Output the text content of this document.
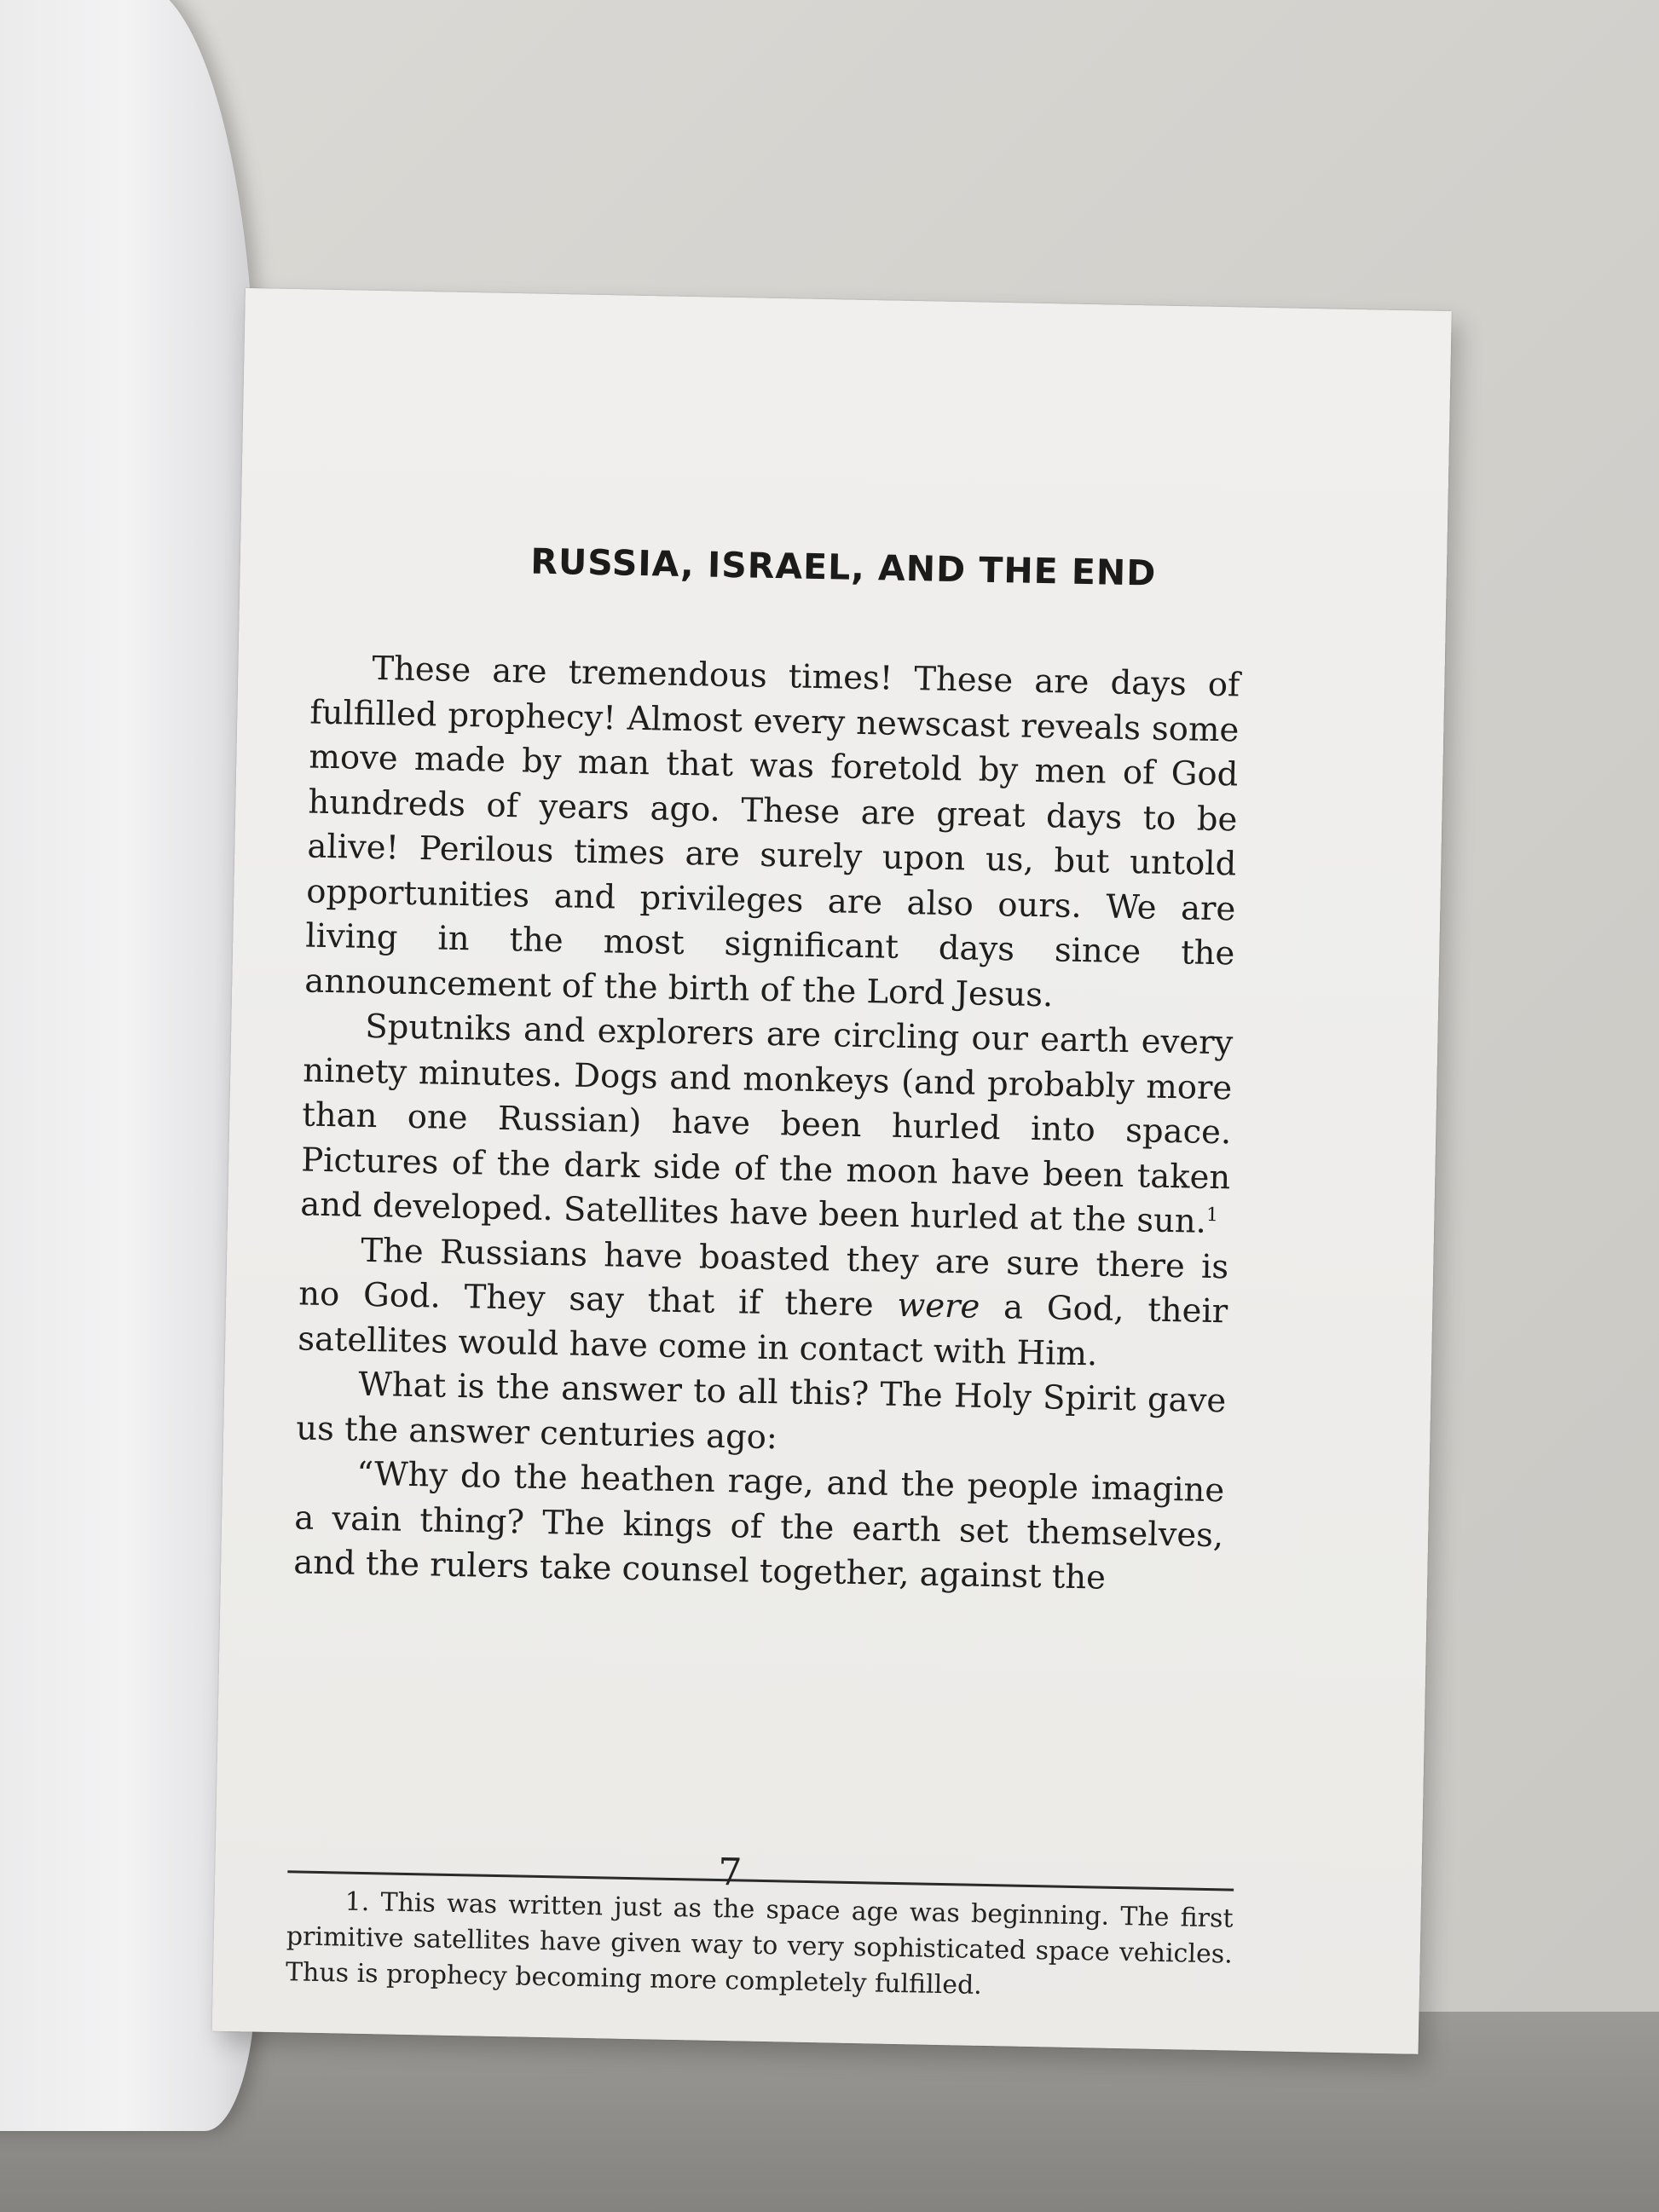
RUSSIA, ISRAEL, AND THE END

These are tremendous times! These are days of fulfilled prophecy! Almost every newscast reveals some move made by man that was foretold by men of God hundreds of years ago. These are great days to be alive! Perilous times are surely upon us, but untold opportunities and privileges are also ours. We are living in the most significant days since the announcement of the birth of the Lord Jesus.

Sputniks and explorers are circling our earth every ninety minutes. Dogs and monkeys (and probably more than one Russian) have been hurled into space. Pictures of the dark side of the moon have been taken and developed. Satellites have been hurled at the sun.$^1$

The Russians have boasted they are sure there is no God. They say that if there were a God, their satellites would have come in contact with Him.

What is the answer to all this? The Holy Spirit gave us the answer centuries ago:

“Why do the heathen rage, and the people imagine a vain thing? The kings of the earth set themselves, and the rulers take counsel together, against the

1. This was written just as the space age was beginning. The first primitive satellites have given way to very sophisticated space vehicles. Thus is prophecy becoming more completely fulfilled.

7
